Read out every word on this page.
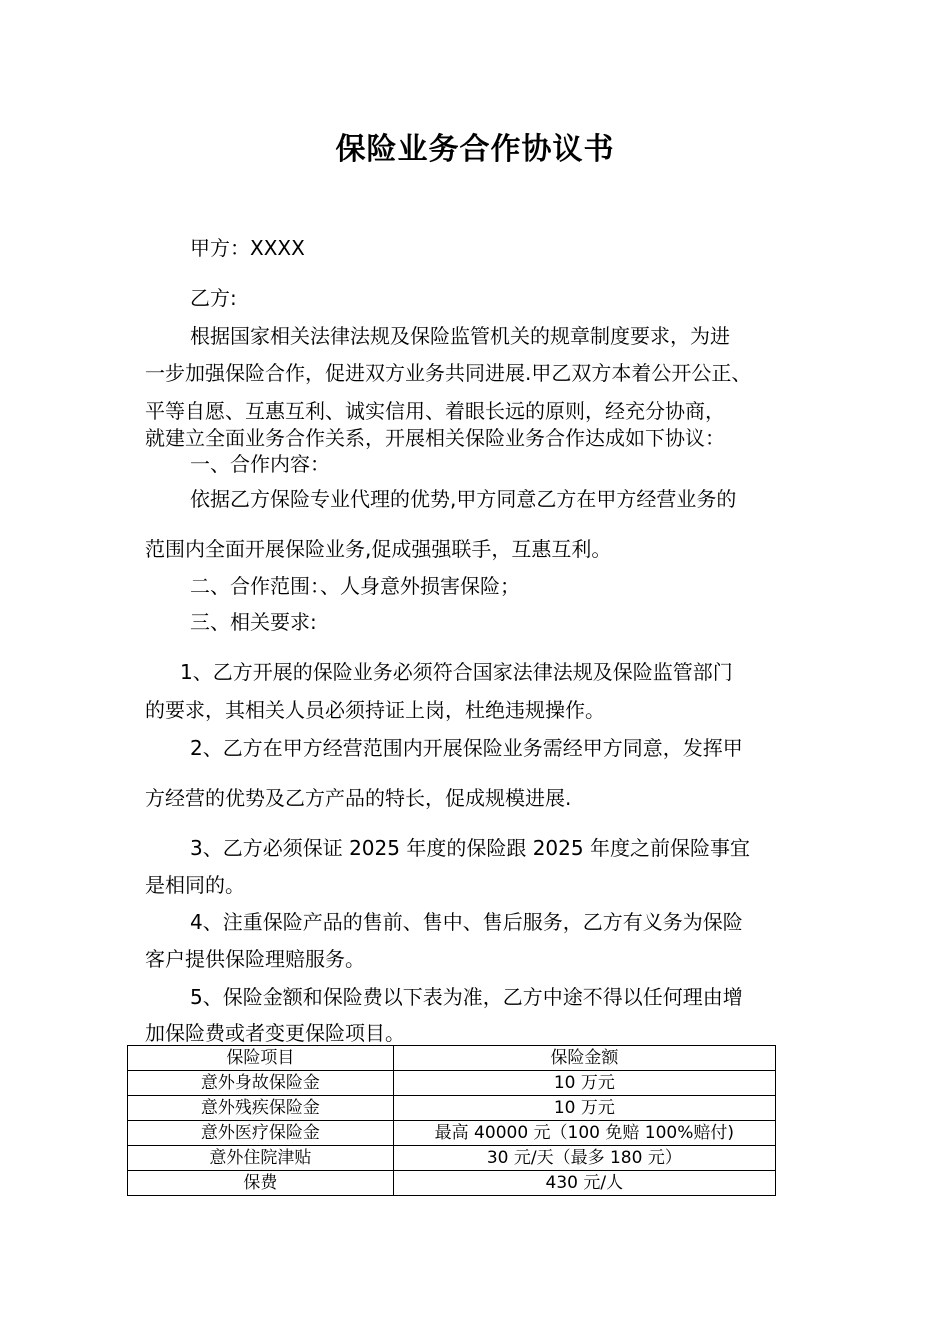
保险业务合作协议书
甲方：XXXX
乙方:
根据国家相关法律法规及保险监管机关的规章制度要求，为进
一步加强保险合作，促进双方业务共同进展.甲乙双方本着公开公正、
平等自愿、互惠互利、诚实信用、着眼长远的原则，经充分协商，
就建立全面业务合作关系，开展相关保险业务合作达成如下协议：
一、合作内容：
依据乙方保险专业代理的优势,甲方同意乙方在甲方经营业务的
范围内全面开展保险业务,促成强强联手，互惠互利。
二、合作范围：、人身意外损害保险；
三、相关要求:
1、乙方开展的保险业务必须符合国家法律法规及保险监管部门
的要求，其相关人员必须持证上岗，杜绝违规操作。
2、乙方在甲方经营范围内开展保险业务需经甲方同意，发挥甲
方经营的优势及乙方产品的特长，促成规模进展.
3、乙方必须保证 2025 年度的保险跟 2025 年度之前保险事宜
是相同的。
4、注重保险产品的售前、售中、售后服务，乙方有义务为保险
客户提供保险理赔服务。
5、保险金额和保险费以下表为准，乙方中途不得以任何理由增
加保险费或者变更保险项目。
保险项目	保险金额
意外身故保险金	10 万元
意外残疾保险金	10 万元
意外医疗保险金	最高 40000 元（100 免赔 100%赔付)
意外住院津贴	30 元/天（最多 180 元）
保费	430 元/人
